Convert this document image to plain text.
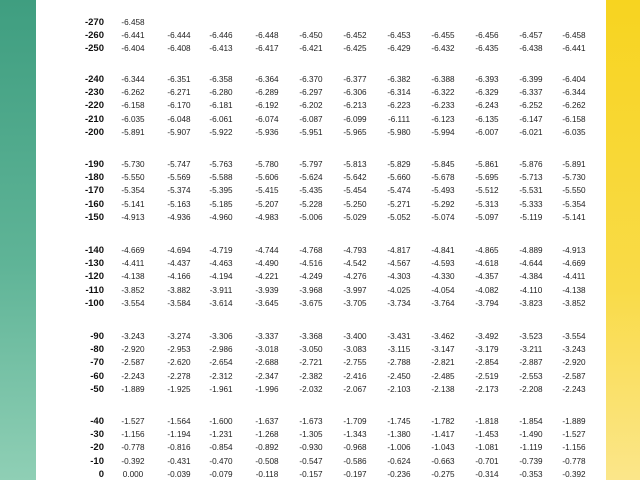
-270	-6.458
-260	-6.441	-6.444	-6.446	-6.448	-6.450	-6.452	-6.453	-6.455	-6.456	-6.457	-6.458
-250	-6.404	-6.408	-6.413	-6.417	-6.421	-6.425	-6.429	-6.432	-6.435	-6.438	-6.441
-240	-6.344	-6.351	-6.358	-6.364	-6.370	-6.377	-6.382	-6.388	-6.393	-6.399	-6.404
-230	-6.262	-6.271	-6.280	-6.289	-6.297	-6.306	-6.314	-6.322	-6.329	-6.337	-6.344
-220	-6.158	-6.170	-6.181	-6.192	-6.202	-6.213	-6.223	-6.233	-6.243	-6.252	-6.262
-210	-6.035	-6.048	-6.061	-6.074	-6.087	-6.099	-6.111	-6.123	-6.135	-6.147	-6.158
-200	-5.891	-5.907	-5.922	-5.936	-5.951	-5.965	-5.980	-5.994	-6.007	-6.021	-6.035
-190	-5.730	-5.747	-5.763	-5.780	-5.797	-5.813	-5.829	-5.845	-5.861	-5.876	-5.891
-180	-5.550	-5.569	-5.588	-5.606	-5.624	-5.642	-5.660	-5.678	-5.695	-5.713	-5.730
-170	-5.354	-5.374	-5.395	-5.415	-5.435	-5.454	-5.474	-5.493	-5.512	-5.531	-5.550
-160	-5.141	-5.163	-5.185	-5.207	-5.228	-5.250	-5.271	-5.292	-5.313	-5.333	-5.354
-150	-4.913	-4.936	-4.960	-4.983	-5.006	-5.029	-5.052	-5.074	-5.097	-5.119	-5.141
-140	-4.669	-4.694	-4.719	-4.744	-4.768	-4.793	-4.817	-4.841	-4.865	-4.889	-4.913
-130	-4.411	-4.437	-4.463	-4.490	-4.516	-4.542	-4.567	-4.593	-4.618	-4.644	-4.669
-120	-4.138	-4.166	-4.194	-4.221	-4.249	-4.276	-4.303	-4.330	-4.357	-4.384	-4.411
-110	-3.852	-3.882	-3.911	-3.939	-3.968	-3.997	-4.025	-4.054	-4.082	-4.110	-4.138
-100	-3.554	-3.584	-3.614	-3.645	-3.675	-3.705	-3.734	-3.764	-3.794	-3.823	-3.852
-90	-3.243	-3.274	-3.306	-3.337	-3.368	-3.400	-3.431	-3.462	-3.492	-3.523	-3.554
-80	-2.920	-2.953	-2.986	-3.018	-3.050	-3.083	-3.115	-3.147	-3.179	-3.211	-3.243
-70	-2.587	-2.620	-2.654	-2.688	-2.721	-2.755	-2.788	-2.821	-2.854	-2.887	-2.920
-60	-2.243	-2.278	-2.312	-2.347	-2.382	-2.416	-2.450	-2.485	-2.519	-2.553	-2.587
-50	-1.889	-1.925	-1.961	-1.996	-2.032	-2.067	-2.103	-2.138	-2.173	-2.208	-2.243
-40	-1.527	-1.564	-1.600	-1.637	-1.673	-1.709	-1.745	-1.782	-1.818	-1.854	-1.889
-30	-1.156	-1.194	-1.231	-1.268	-1.305	-1.343	-1.380	-1.417	-1.453	-1.490	-1.527
-20	-0.778	-0.816	-0.854	-0.892	-0.930	-0.968	-1.006	-1.043	-1.081	-1.119	-1.156
-10	-0.392	-0.431	-0.470	-0.508	-0.547	-0.586	-0.624	-0.663	-0.701	-0.739	-0.778
0	0.000	-0.039	-0.079	-0.118	-0.157	-0.197	-0.236	-0.275	-0.314	-0.353	-0.392
